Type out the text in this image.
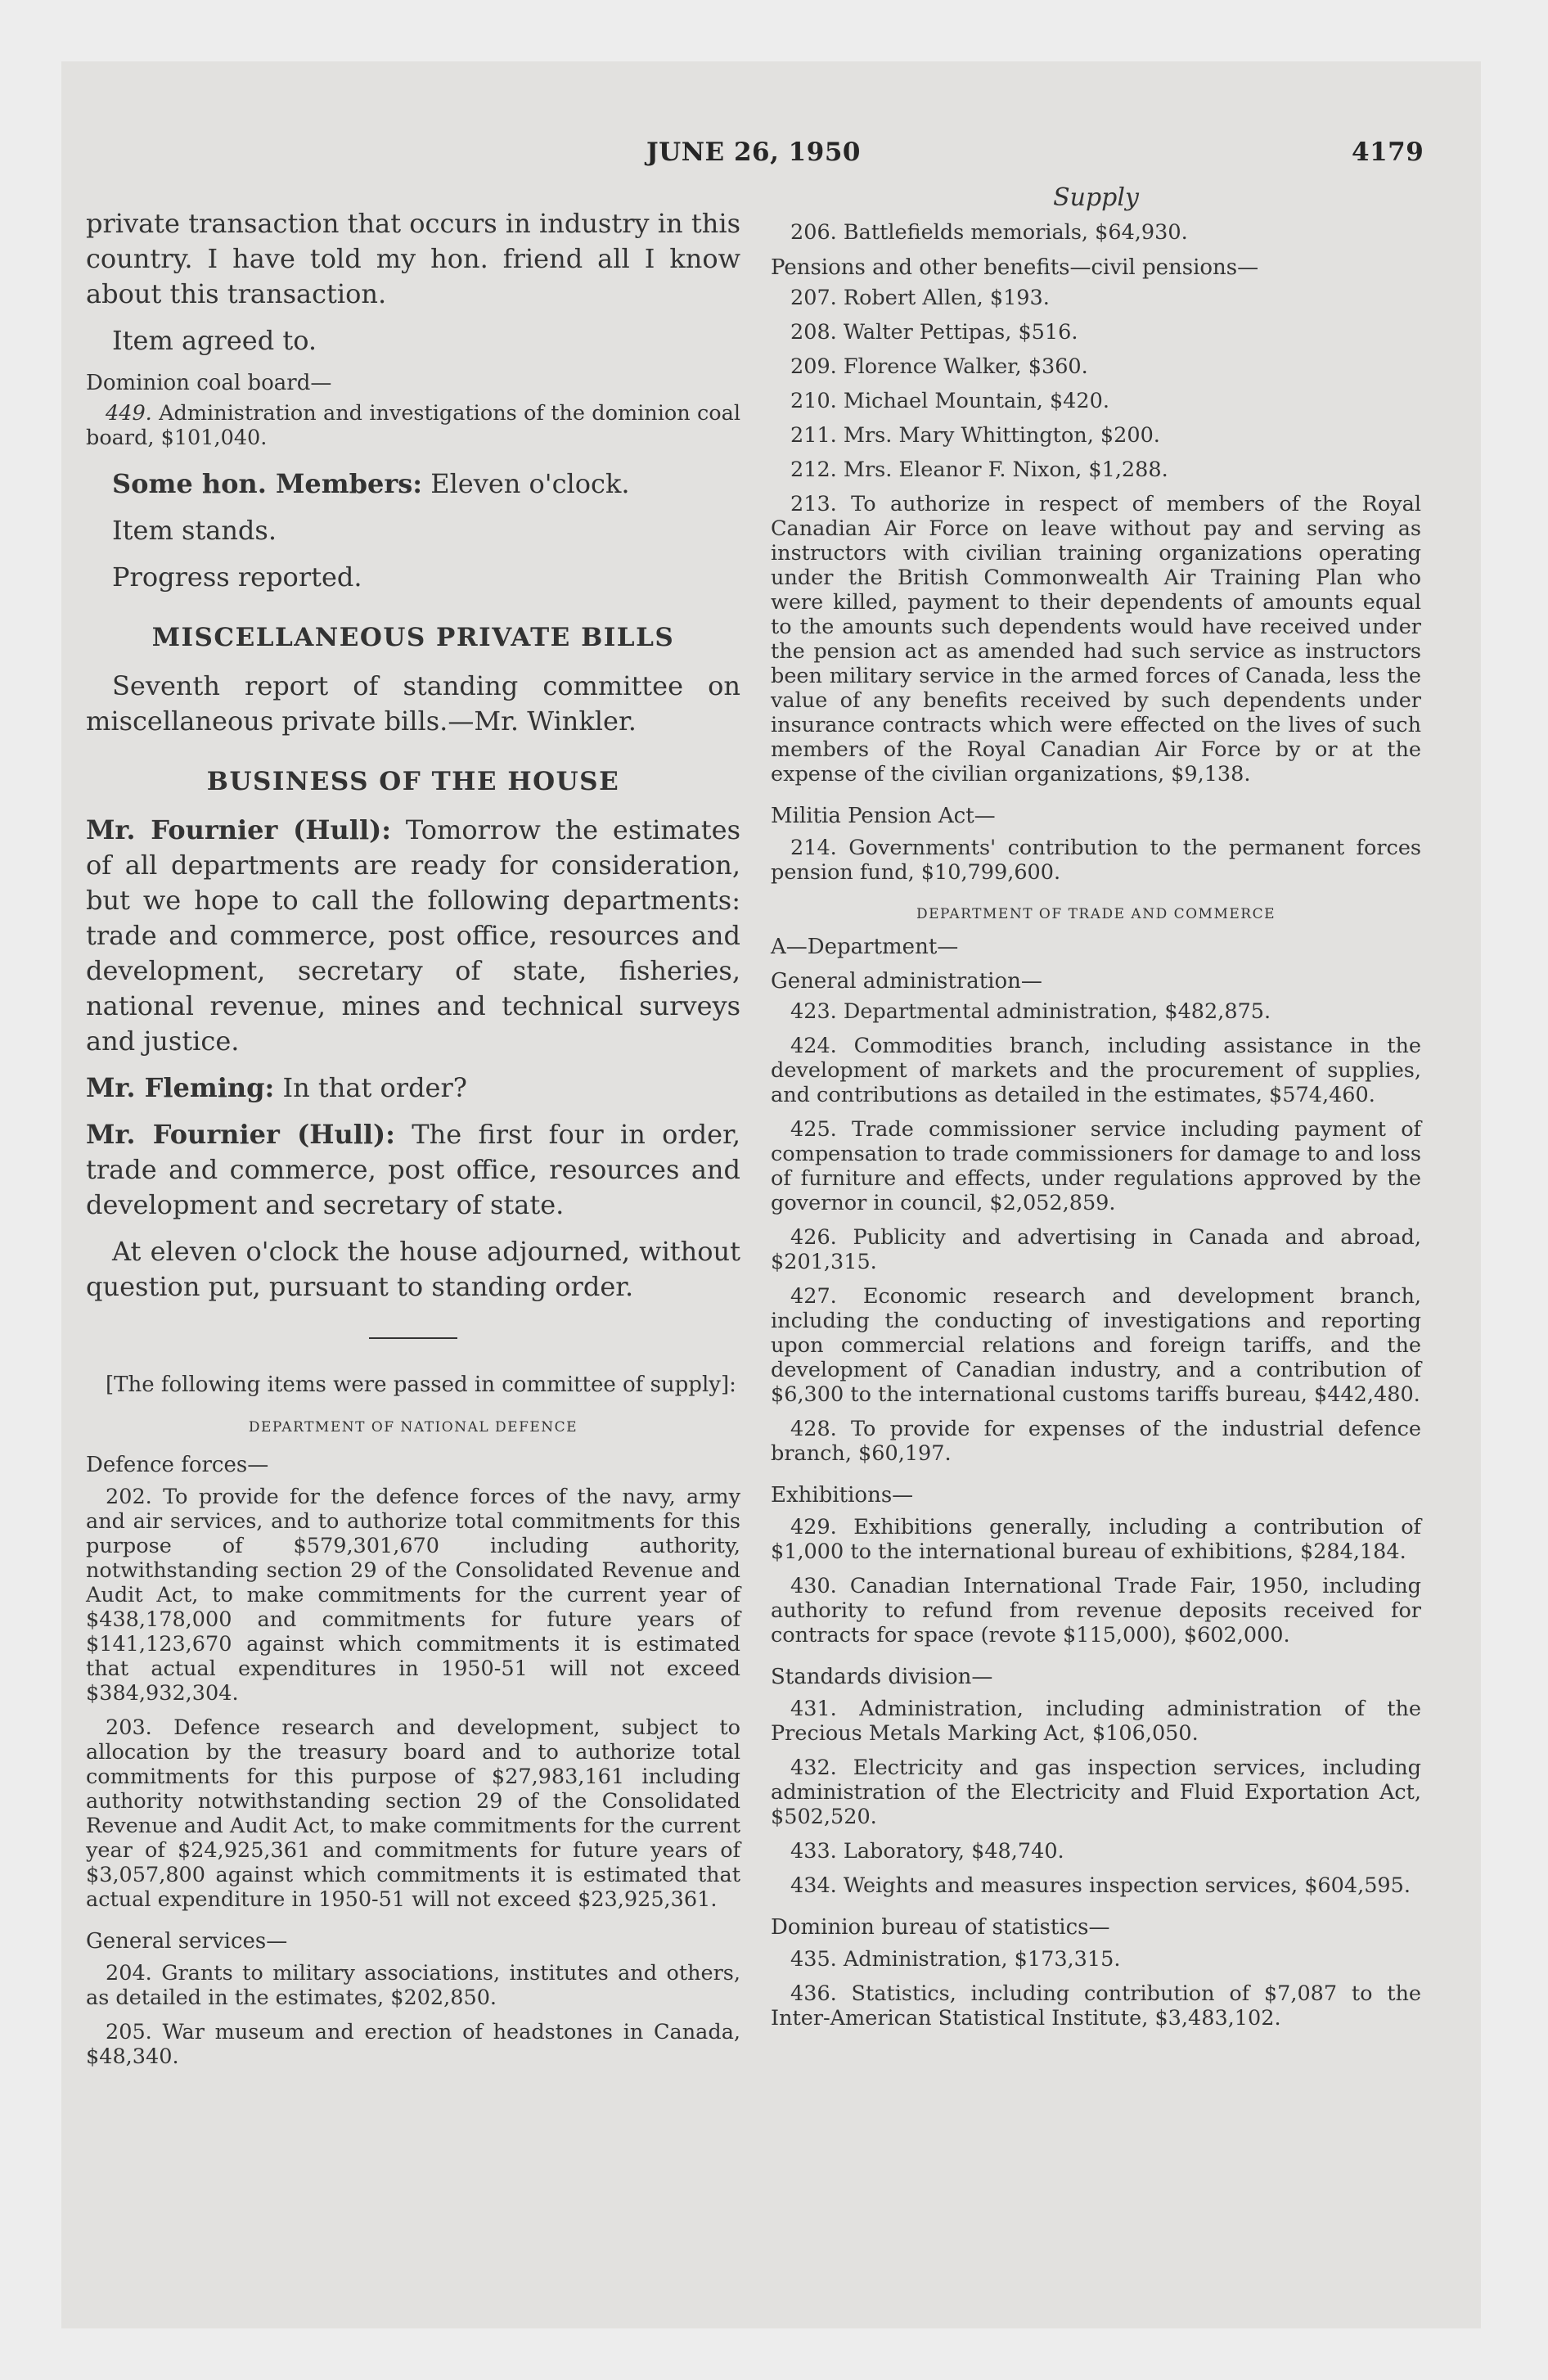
JUNE 26, 1950	4179

private transaction that occurs in industry in this country. I have told my hon. friend all I know about this transaction.

Item agreed to.

Dominion coal board—

449. Administration and investigations of the dominion coal board, $101,040.

Some hon. Members: Eleven o'clock.

Item stands.

Progress reported.

MISCELLANEOUS PRIVATE BILLS

Seventh report of standing committee on miscellaneous private bills.—Mr. Winkler.

BUSINESS OF THE HOUSE

Mr. Fournier (Hull): Tomorrow the estimates of all departments are ready for consideration, but we hope to call the following departments: trade and commerce, post office, resources and development, secretary of state, fisheries, national revenue, mines and technical surveys and justice.

Mr. Fleming: In that order?

Mr. Fournier (Hull): The first four in order, trade and commerce, post office, resources and development and secretary of state.

At eleven o'clock the house adjourned, without question put, pursuant to standing order.

[The following items were passed in committee of supply]:

DEPARTMENT OF NATIONAL DEFENCE
Defence forces—

202. To provide for the defence forces of the navy, army and air services, and to authorize total commitments for this purpose of $579,301,670 including authority, notwithstanding section 29 of the Consolidated Revenue and Audit Act, to make commitments for the current year of $438,178,000 and commitments for future years of $141,123,670 against which commitments it is estimated that actual expenditures in 1950-51 will not exceed $384,932,304.

203. Defence research and development, subject to allocation by the treasury board and to authorize total commitments for this purpose of $27,983,161 including authority notwithstanding section 29 of the Consolidated Revenue and Audit Act, to make commitments for the current year of $24,925,361 and commitments for future years of $3,057,800 against which commitments it is estimated that actual expenditure in 1950-51 will not exceed $23,925,361.

General services—

204. Grants to military associations, institutes and others, as detailed in the estimates, $202,850.

205. War museum and erection of headstones in Canada, $48,340.

Supply

206. Battlefields memorials, $64,930.

Pensions and other benefits—civil pensions—

207. Robert Allen, $193.

208. Walter Pettipas, $516.

209. Florence Walker, $360.

210. Michael Mountain, $420.

211. Mrs. Mary Whittington, $200.

212. Mrs. Eleanor F. Nixon, $1,288.

213. To authorize in respect of members of the Royal Canadian Air Force on leave without pay and serving as instructors with civilian training organizations operating under the British Commonwealth Air Training Plan who were killed, payment to their dependents of amounts equal to the amounts such dependents would have received under the pension act as amended had such service as instructors been military service in the armed forces of Canada, less the value of any benefits received by such dependents under insurance contracts which were effected on the lives of such members of the Royal Canadian Air Force by or at the expense of the civilian organizations, $9,138.

Militia Pension Act—

214. Governments' contribution to the permanent forces pension fund, $10,799,600.

DEPARTMENT OF TRADE AND COMMERCE
A—Department—
General administration—

423. Departmental administration, $482,875.

424. Commodities branch, including assistance in the development of markets and the procurement of supplies, and contributions as detailed in the estimates, $574,460.

425. Trade commissioner service including payment of compensation to trade commissioners for damage to and loss of furniture and effects, under regulations approved by the governor in council, $2,052,859.

426. Publicity and advertising in Canada and abroad, $201,315.

427. Economic research and development branch, including the conducting of investigations and reporting upon commercial relations and foreign tariffs, and the development of Canadian industry, and a contribution of $6,300 to the international customs tariffs bureau, $442,480.

428. To provide for expenses of the industrial defence branch, $60,197.

Exhibitions—

429. Exhibitions generally, including a contribution of $1,000 to the international bureau of exhibitions, $284,184.

430. Canadian International Trade Fair, 1950, including authority to refund from revenue deposits received for contracts for space (revote $115,000), $602,000.

Standards division—

431. Administration, including administration of the Precious Metals Marking Act, $106,050.

432. Electricity and gas inspection services, including administration of the Electricity and Fluid Exportation Act, $502,520.

433. Laboratory, $48,740.

434. Weights and measures inspection services, $604,595.

Dominion bureau of statistics—

435. Administration, $173,315.

436. Statistics, including contribution of $7,087 to the Inter-American Statistical Institute, $3,483,102.
